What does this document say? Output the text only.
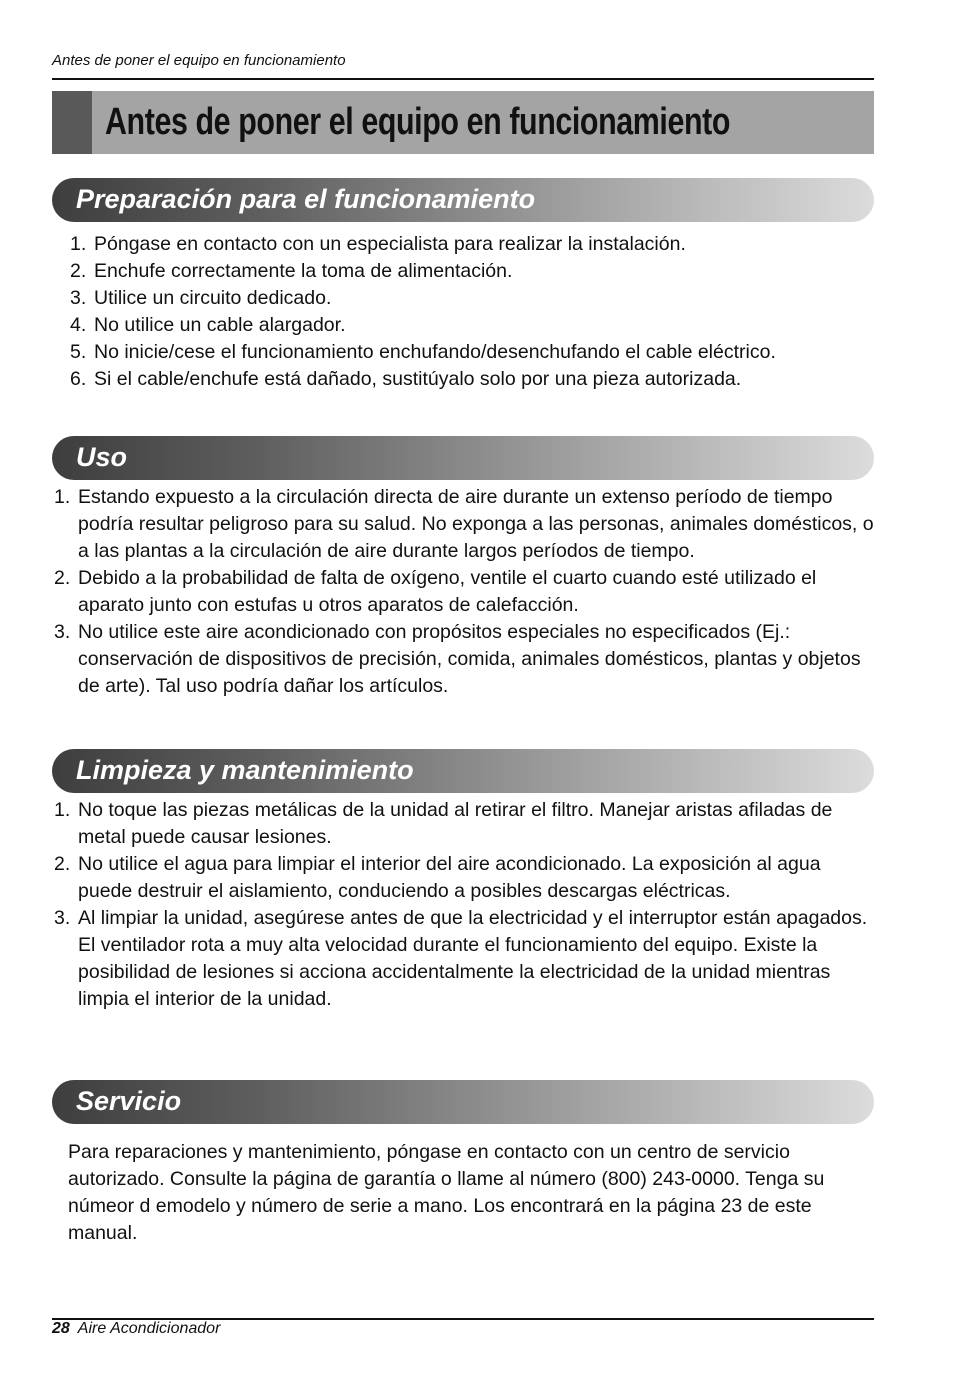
Antes de poner el equipo en funcionamiento
Antes de poner el equipo en funcionamiento
Preparación para el funcionamiento
1. Póngase en contacto con un especialista para realizar la instalación.
2. Enchufe correctamente la toma de alimentación.
3. Utilice un circuito dedicado.
4. No utilice un cable alargador.
5. No inicie/cese el funcionamiento enchufando/desenchufando el cable eléctrico.
6. Si el cable/enchufe está dañado, sustitúyalo solo por una pieza autorizada.
Uso
1. Estando expuesto a la circulación directa de aire durante un extenso período de tiempo podría resultar peligroso para su salud. No exponga a las personas, animales domésticos, o a las plantas a la circulación de aire durante largos períodos de tiempo.
2. Debido a la probabilidad de falta de oxígeno, ventile el cuarto cuando esté utilizado el aparato junto con estufas u otros aparatos de calefacción.
3. No utilice este aire acondicionado con propósitos especiales no especificados (Ej.: conservación de dispositivos de precisión, comida, animales domésticos, plantas y objetos de arte). Tal uso podría dañar los artículos.
Limpieza y mantenimiento
1. No toque las piezas metálicas de la unidad al retirar el filtro. Manejar aristas afiladas de metal puede causar lesiones.
2. No utilice el agua para limpiar el interior del aire acondicionado. La exposición al agua puede destruir el aislamiento, conduciendo a posibles descargas eléctricas.
3. Al limpiar la unidad, asegúrese antes de que la electricidad y el interruptor están apagados. El ventilador rota a muy alta velocidad durante el funcionamiento del equipo. Existe la posibilidad de lesiones si acciona accidentalmente la electricidad de la unidad mientras limpia el interior de la unidad.
Servicio

Para reparaciones y mantenimiento, póngase en contacto con un centro de servicio autorizado. Consulte la página de garantía o llame al número (800) 243-0000. Tenga su númeor d emodelo y número de serie a mano. Los encontrará en la página 23 de este manual.

28 Aire Acondicionador
